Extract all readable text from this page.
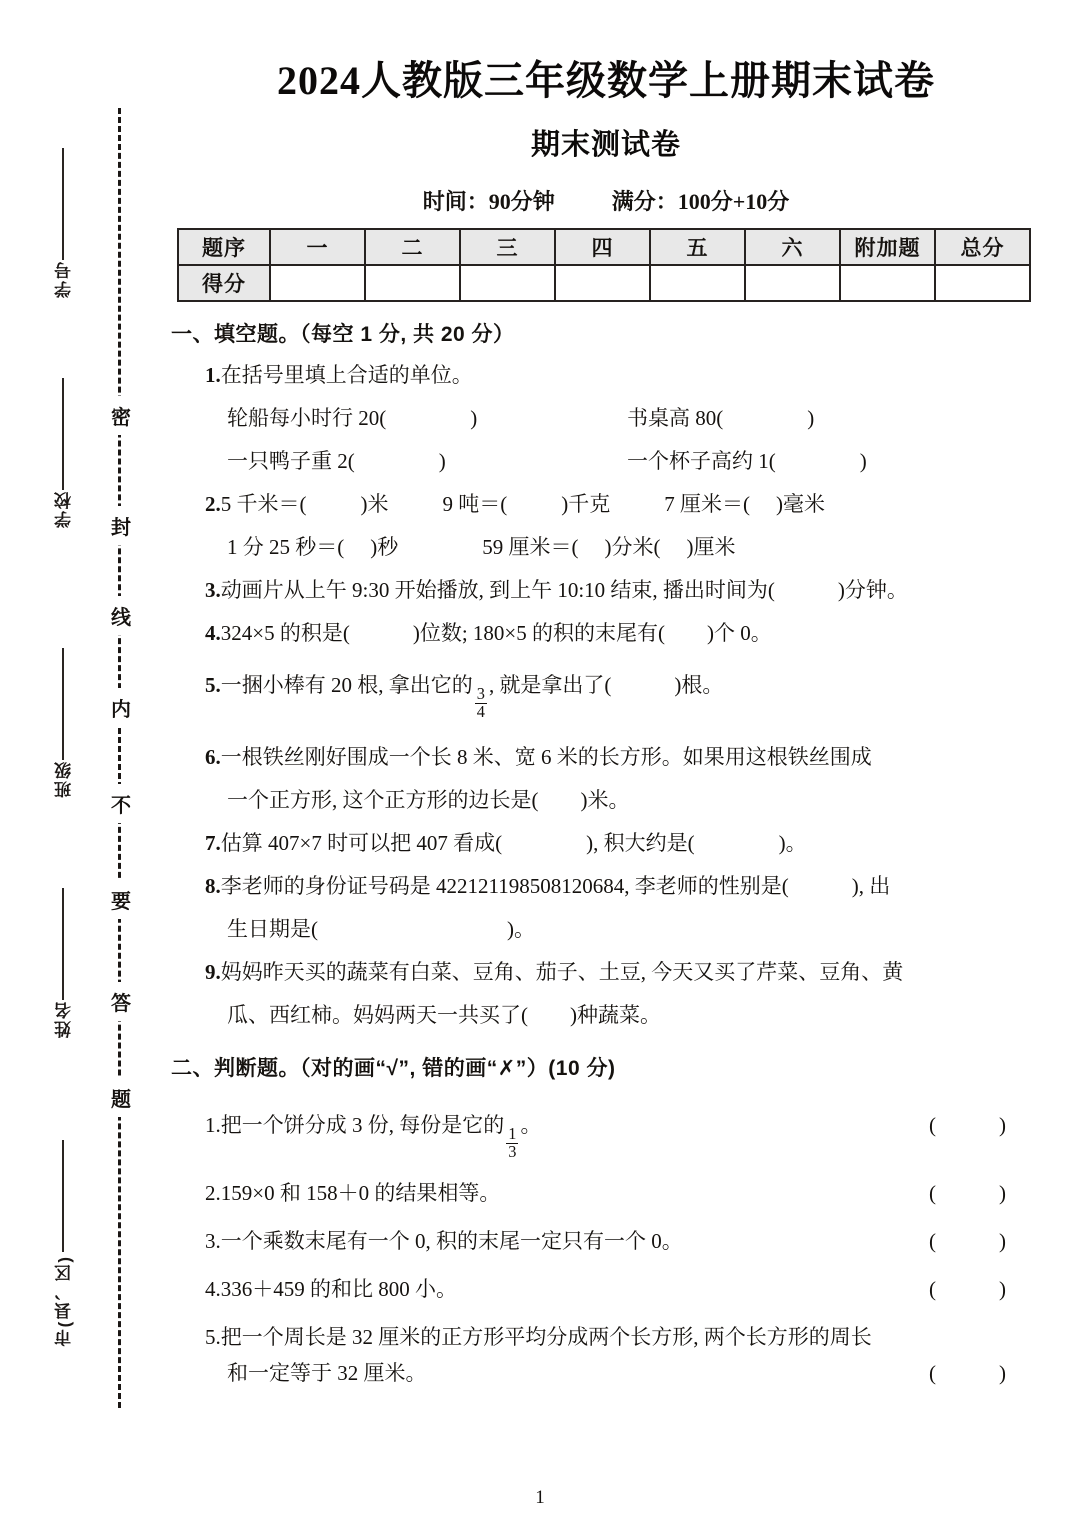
学号
学校
班级
姓名
市(县、区)
密
封
线
内
不
要
答
题
2024人教版三年级数学上册期末试卷
期末测试卷
时间：90分钟	满分：100分+10分
题序	一	二	三	四	五	六	附加题	总分
得分								
一、填空题。（每空 1 分, 共 20 分）
1.在括号里填上合适的单位。
轮船每小时行 20(	)	书桌高 80(	)
一只鸭子重 2(	)	一个杯子高约 1(	)
2.5 千米＝(	)米	9 吨＝(	)千克	7 厘米＝( )毫米
1 分 25 秒＝( )秒	59 厘米＝( )分米( )厘米
3.动画片从上午 9:30 开始播放, 到上午 10:10 结束, 播出时间为(　　　)分钟。
4.324×5 的积是(　　　)位数; 180×5 的积的末尾有(　　)个 0。
5.一捆小棒有 20 根, 拿出它的
$\frac{3}{4}$
, 就是拿出了(　　　)根。
6.一根铁丝刚好围成一个长 8 米、宽 6 米的长方形。如果用这根铁丝围成
一个正方形, 这个正方形的边长是(　　)米。
7.估算 407×7 时可以把 407 看成(　　　　), 积大约是(　　　　)。
8.李老师的身份证号码是 422121198508120684, 李老师的性别是(　　　), 出
生日期是(　　　　　　　　　)。
9.妈妈昨天买的蔬菜有白菜、豆角、茄子、土豆, 今天又买了芹菜、豆角、黄
瓜、西红柿。妈妈两天一共买了(　　)种蔬菜。
二、判断题。（对的画“√”, 错的画“✗”）(10 分)
1.把一个饼分成 3 份, 每份是它的
$\frac{1}{3}$
。	(　　　)
2.159×0 和 158＋0 的结果相等。	(　　　)
3.一个乘数末尾有一个 0, 积的末尾一定只有一个 0。	(　　　)
4.336＋459 的和比 800 小。	(　　　)
5.把一个周长是 32 厘米的正方形平均分成两个长方形, 两个长方形的周长
和一定等于 32 厘米。	(　　　)
1
